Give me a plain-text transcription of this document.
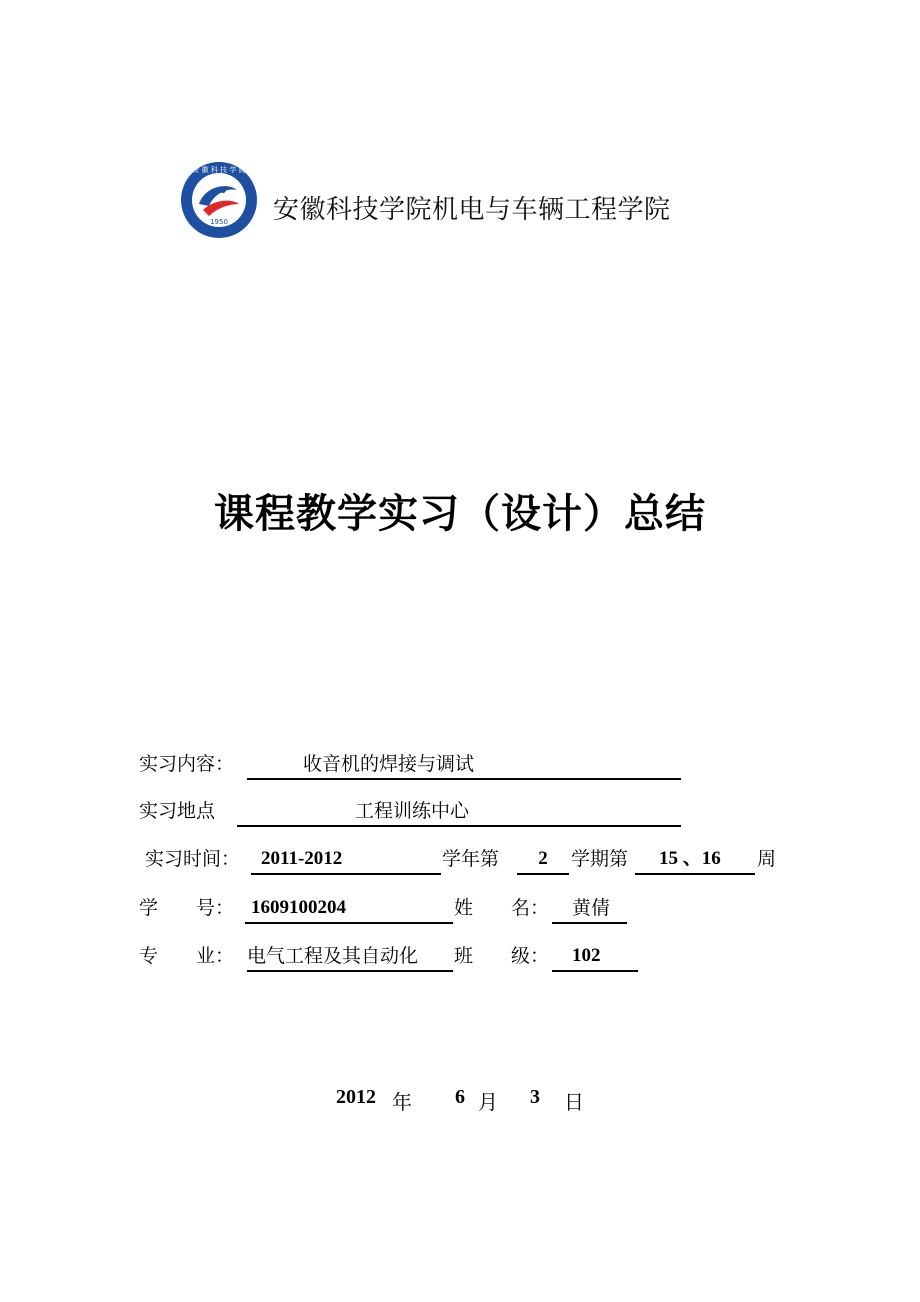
安 徽 科 技 学 院
1950 安徽科技学院机电与车辆工程学院
课程教学实习（设计）总结
实习内容：	收音机的焊接与调试
实习地点	工程训练中心
实习时间：	2011-2012	学年第	2	学期第	15 、16	周
学　　号： 1609100204	姓　　名：	黄倩
专　　业： 电气工程及其自动化	班　　级：	102
2012 年 6 月 3 日
